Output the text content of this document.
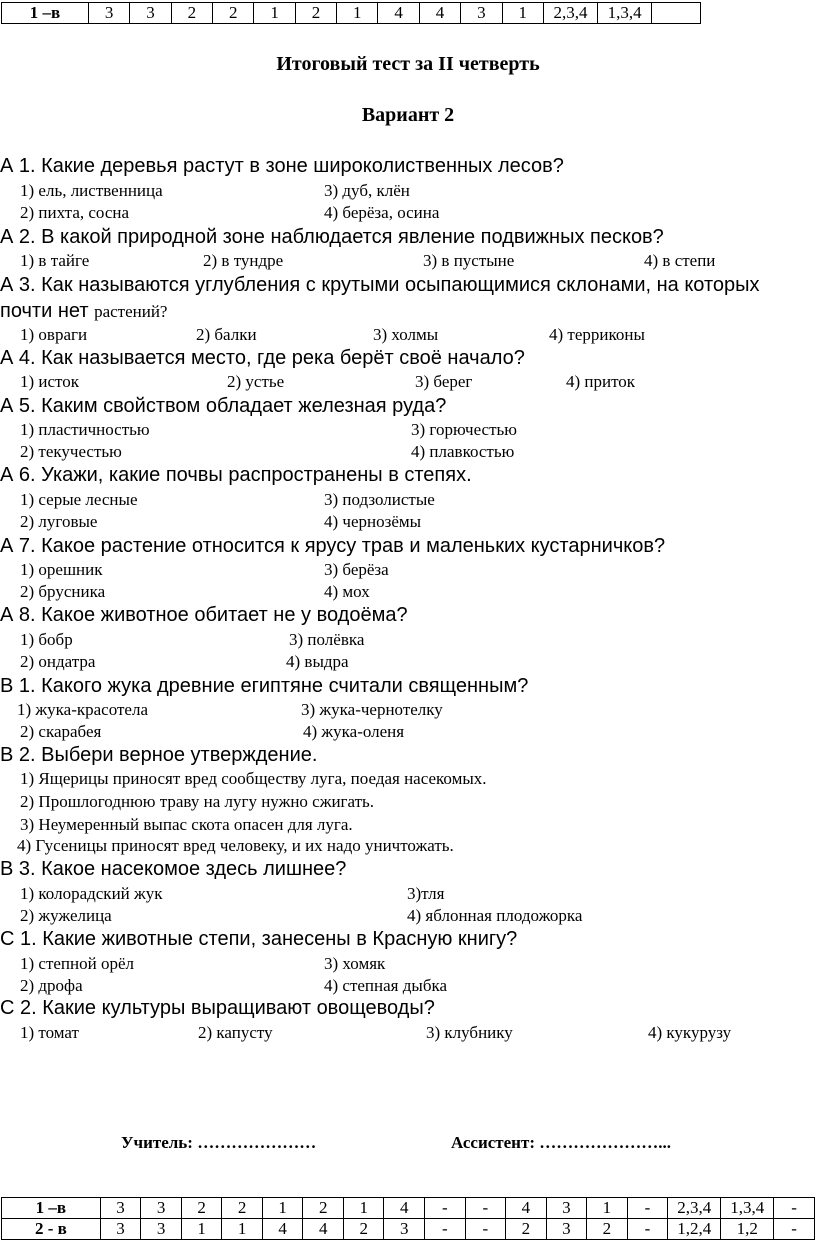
1 –в	3	3	2	2	1	2	1	4	4	3	1	2,3,4	1,3,4	
Итоговый тест за II четверть
Вариант 2
А 1. Какие деревья растут в зоне широколиственных лесов?
1) ель, лиственница	3) дуб, клён
2) пихта, сосна	4) берёза, осина
А 2. В какой природной зоне наблюдается явление подвижных песков?
1) в тайге	2) в тундре	3) в пустыне	4) в степи
А 3. Как называются углубления с крутыми осыпающимися склонами, на которых
почти нет растений?
1) овраги	2) балки	3) холмы	4) терриконы
А 4. Как называется место, где река берёт своё начало?
1) исток	2) устье	3) берег	4) приток
А 5. Каким свойством обладает железная руда?
1) пластичностью	3) горючестью
2) текучестью	4) плавкостью
А 6. Укажи, какие почвы распространены в степях.
1) серые лесные	3) подзолистые
2) луговые	4) чернозёмы
А 7. Какое растение относится к ярусу трав и маленьких кустарничков?
1) орешник	3) берёза
2) брусника	4) мох
А 8. Какое животное обитает не у водоёма?
1) бобр	3) полёвка
2) ондатра	4) выдра
В 1. Какого жука древние египтяне считали священным?
1) жука-красотела	3) жука-чернотелку
2) скарабея	4) жука-оленя
В 2. Выбери верное утверждение.
1) Ящерицы приносят вред сообществу луга, поедая насекомых.
2) Прошлогоднюю траву на лугу нужно сжигать.
3) Неумеренный выпас скота опасен для луга.
4) Гусеницы приносят вред человеку, и их надо уничтожать.
В 3. Какое насекомое здесь лишнее?
1) колорадский жук	3)тля
2) жужелица	4) яблонная плодожорка
С 1. Какие животные степи, занесены в Красную книгу?
1) степной орёл	3) хомяк
2) дрофа	4) степная дыбка
С 2. Какие культуры выращивают овощеводы?
1) томат	2) капусту	3) клубнику	4) кукурузу
Учитель: …………………	Ассистент: …………………...
1 –в	3	3	2	2	1	2	1	4	-	-	4	3	1	-	2,3,4	1,3,4	-
2 - в	3	3	1	1	4	4	2	3	-	-	2	3	2	-	1,2,4	1,2	-
